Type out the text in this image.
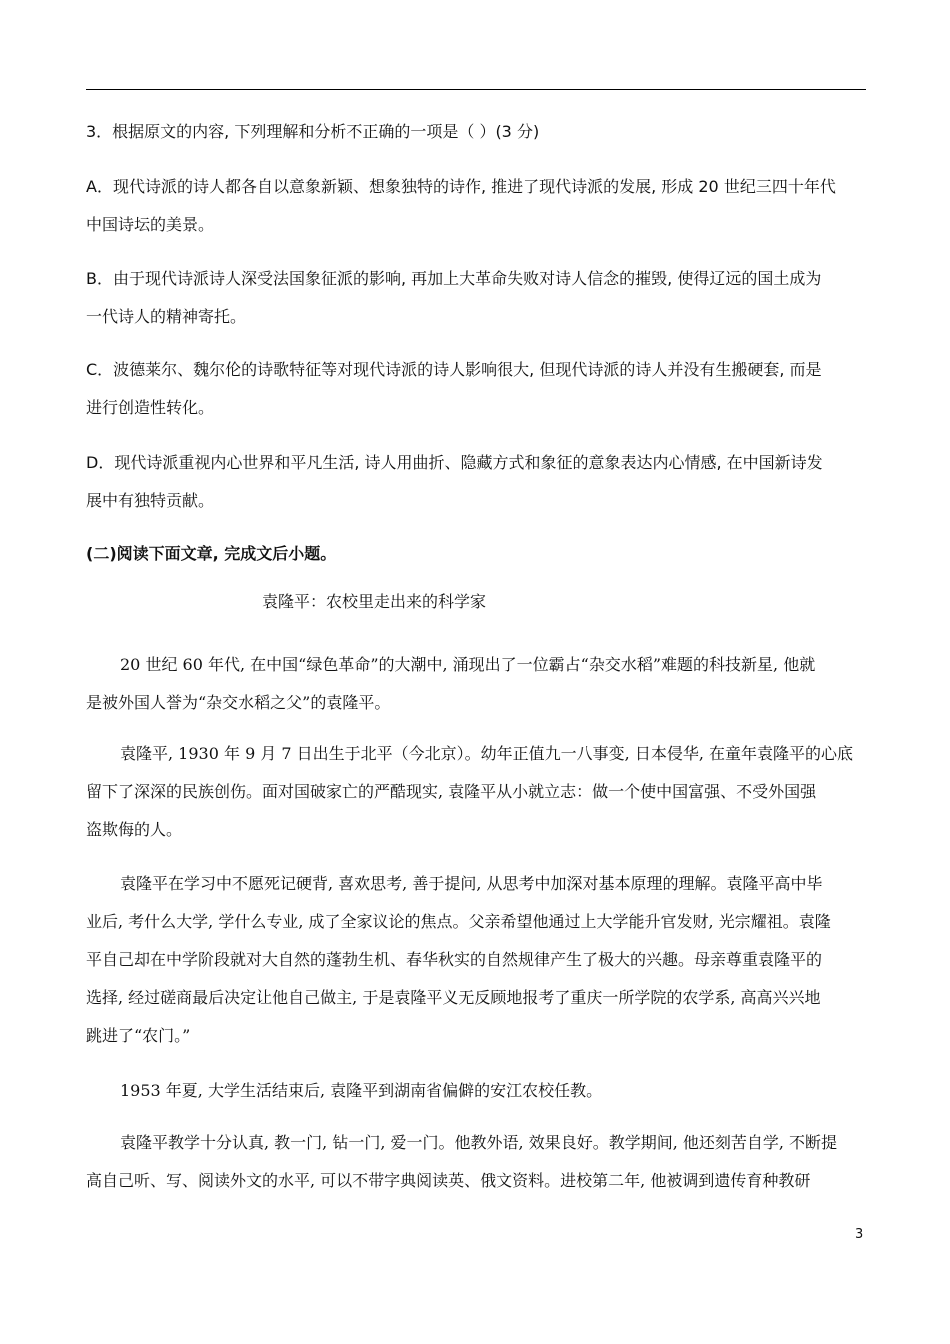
3．根据原文的内容, 下列理解和分析不正确的一项是（ ）(3 分)
A．现代诗派的诗人都各自以意象新颖、想象独特的诗作, 推进了现代诗派的发展, 形成 20 世纪三四十年代
中国诗坛的美景。
B．由于现代诗派诗人深受法国象征派的影响, 再加上大革命失败对诗人信念的摧毁, 使得辽远的国土成为
一代诗人的精神寄托。
C．波德莱尔、魏尔伦的诗歌特征等对现代诗派的诗人影响很大, 但现代诗派的诗人并没有生搬硬套, 而是
进行创造性转化。
D．现代诗派重视内心世界和平凡生活, 诗人用曲折、隐藏方式和象征的意象表达内心情感, 在中国新诗发
展中有独特贡献。
(二)阅读下面文章, 完成文后小题。
袁隆平：农校里走出来的科学家
20 世纪 60 年代, 在中国“绿色革命”的大潮中, 涌现出了一位霸占“杂交水稻”难题的科技新星, 他就
是被外国人誉为“杂交水稻之父”的袁隆平。
袁隆平, 1930 年 9 月 7 日出生于北平（今北京）。幼年正值九一八事变, 日本侵华, 在童年袁隆平的心底
留下了深深的民族创伤。面对国破家亡的严酷现实, 袁隆平从小就立志：做一个使中国富强、不受外国强
盗欺侮的人。
袁隆平在学习中不愿死记硬背, 喜欢思考, 善于提问, 从思考中加深对基本原理的理解。袁隆平高中毕
业后, 考什么大学, 学什么专业, 成了全家议论的焦点。父亲希望他通过上大学能升官发财, 光宗耀祖。袁隆
平自己却在中学阶段就对大自然的蓬勃生机、春华秋实的自然规律产生了极大的兴趣。母亲尊重袁隆平的
选择, 经过磋商最后决定让他自己做主, 于是袁隆平义无反顾地报考了重庆一所学院的农学系, 高高兴兴地
跳进了“农门。”
1953 年夏, 大学生活结束后, 袁隆平到湖南省偏僻的安江农校任教。
袁隆平教学十分认真, 教一门, 钻一门, 爱一门。他教外语, 效果良好。教学期间, 他还刻苦自学, 不断提
高自己听、写、阅读外文的水平, 可以不带字典阅读英、俄文资料。进校第二年, 他被调到遗传育种教研
3
